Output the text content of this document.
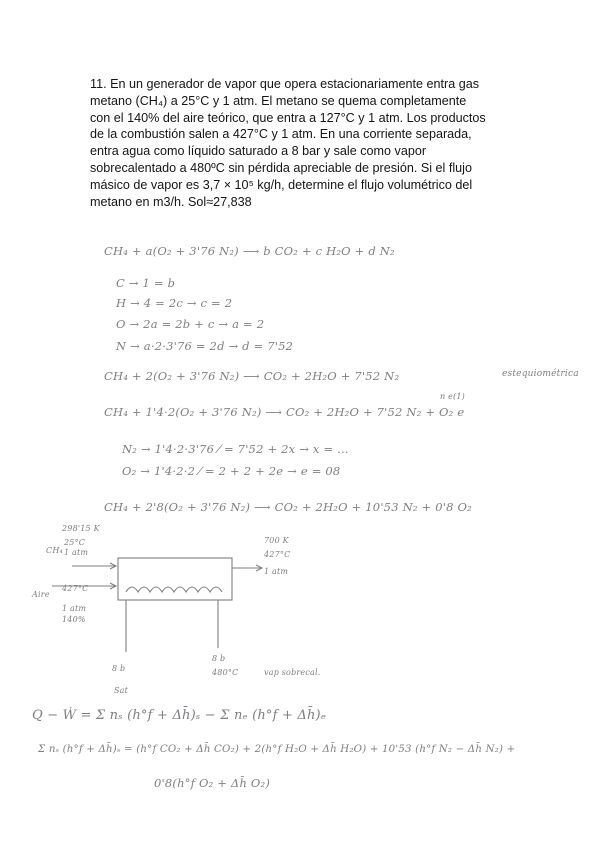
11. En un generador de vapor que opera estacionariamente entra gas

metano (CH₄) a 25°C y 1 atm. El metano se quema completamente

con el 140% del aire teórico, que entra a 127°C y 1 atm. Los productos

de la combustión salen a 427°C y 1 atm. En una corriente separada,

entra agua como líquido saturado a 8 bar y sale como vapor

sobrecalentado a 480ºC sin pérdida apreciable de presión. Si el flujo

másico de vapor es 3,7 × 10⁵ kg/h, determine el flujo volumétrico del

metano en m3/h. Sol≈27,838

CH₄ + a(O₂ + 3'76 N₂) ⟶ b CO₂ + c H₂O + d N₂
C → 1 = b
H → 4 = 2c → c = 2
O → 2a = 2b + c → a = 2
N → a·2·3'76 = 2d → d = 7'52
CH₄ + 2(O₂ + 3'76 N₂) ⟶ CO₂ + 2H₂O + 7'52 N₂	estequiométrica
n e(1)
CH₄ + 1'4·2(O₂ + 3'76 N₂) ⟶ CO₂ + 2H₂O + 7'52 N₂ + O₂ e
N₂ → 1'4·2·3'76 ⁄ = 7'52 + 2x → x = ...
O₂ → 1'4·2·2 ⁄ = 2 + 2 + 2e → e = 08
CH₄ + 2'8(O₂ + 3'76 N₂) ⟶ CO₂ + 2H₂O + 10'53 N₂ + 0'8 O₂
298'15 K
CH₄
25°C
1 atm
Aire
427°C
1 atm
140%
700 K
427°C
1 atm
8 b
Sat
8 b
480°C	vap sobrecal.
Q − Ẇ = Σ nₛ (h°f + Δh̄)ₛ − Σ nₑ (h°f + Δh̄)ₑ
Σ nₛ (h°f + Δh̄)ₛ = (h°f CO₂ + Δh̄ CO₂) + 2(h°f H₂O + Δh̄ H₂O) + 10'53 (h°f N₂ − Δh̄ N₂) +
0'8(h°f O₂ + Δh̄ O₂)
